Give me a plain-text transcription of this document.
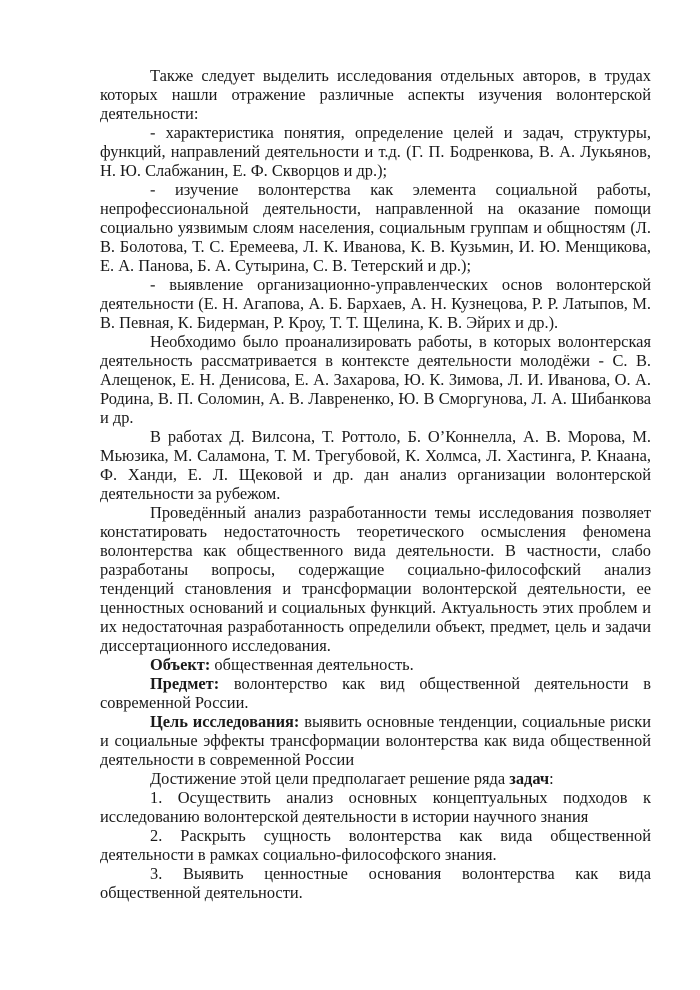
Также следует выделить исследования отдельных авторов, в трудах которых нашли отражение различные аспекты изучения волонтерской деятельности:

- характеристика понятия, определение целей и задач, структуры, функций, направлений деятельности и т.д. (Г. П. Бодренкова, В. А. Лукьянов, Н. Ю. Слабжанин, Е. Ф. Скворцов и др.);

- изучение волонтерства как элемента социальной работы, непрофессиональной деятельности, направленной на оказание помощи социально уязвимым слоям населения, социальным группам и общностям (Л. В. Болотова, Т. С. Еремеева, Л. К. Иванова, К. В. Кузьмин, И. Ю. Менщикова, Е. А. Панова, Б. А. Сутырина, С. В. Тетерский и др.);

- выявление организационно-управленческих основ волонтерской деятельности (Е. Н. Агапова, А. Б. Бархаев, А. Н. Кузнецова, Р. Р. Латыпов, М. В. Певная, К. Бидерман, Р. Кроу, Т. Т. Щелина, К. В. Эйрих и др.).

Необходимо было проанализировать работы, в которых волонтерская деятельность рассматривается в контексте деятельности молодёжи - С. В. Алещенок, Е. Н. Денисова, Е. А. Захарова, Ю. К. Зимова, Л. И. Иванова, О. А. Родина, В. П. Соломин, А. В. Лаврененко, Ю. В Сморгунова, Л. А. Шибанкова и др.

В работах Д. Вилсона, Т. Роттоло, Б. О’Коннелла, А. В. Морова, М. Мьюзика, М. Саламона, Т. М. Трегубовой, К. Холмса, Л. Хастинга, Р. Кнаана, Ф. Ханди, Е. Л. Щековой и др. дан анализ организации волонтерской деятельности за рубежом.

Проведённый анализ разработанности темы исследования позволяет констатировать недостаточность теоретического осмысления феномена волонтерства как общественного вида деятельности. В частности, слабо разработаны вопросы, содержащие социально-философский анализ тенденций становления и трансформации волонтерской деятельности, ее ценностных оснований и социальных функций. Актуальность этих проблем и их недостаточная разработанность определили объект, предмет, цель и задачи диссертационного исследования.

Объект: общественная деятельность.

Предмет: волонтерство как вид общественной деятельности в современной России.

Цель исследования: выявить основные тенденции, социальные риски и социальные эффекты трансформации волонтерства как вида общественной деятельности в современной России

Достижение этой цели предполагает решение ряда задач:

1. Осуществить анализ основных концептуальных подходов к исследованию волонтерской деятельности в истории научного знания

2. Раскрыть сущность волонтерства как вида общественной деятельности в рамках социально-философского знания.

3. Выявить ценностные основания волонтерства как вида общественной деятельности.
